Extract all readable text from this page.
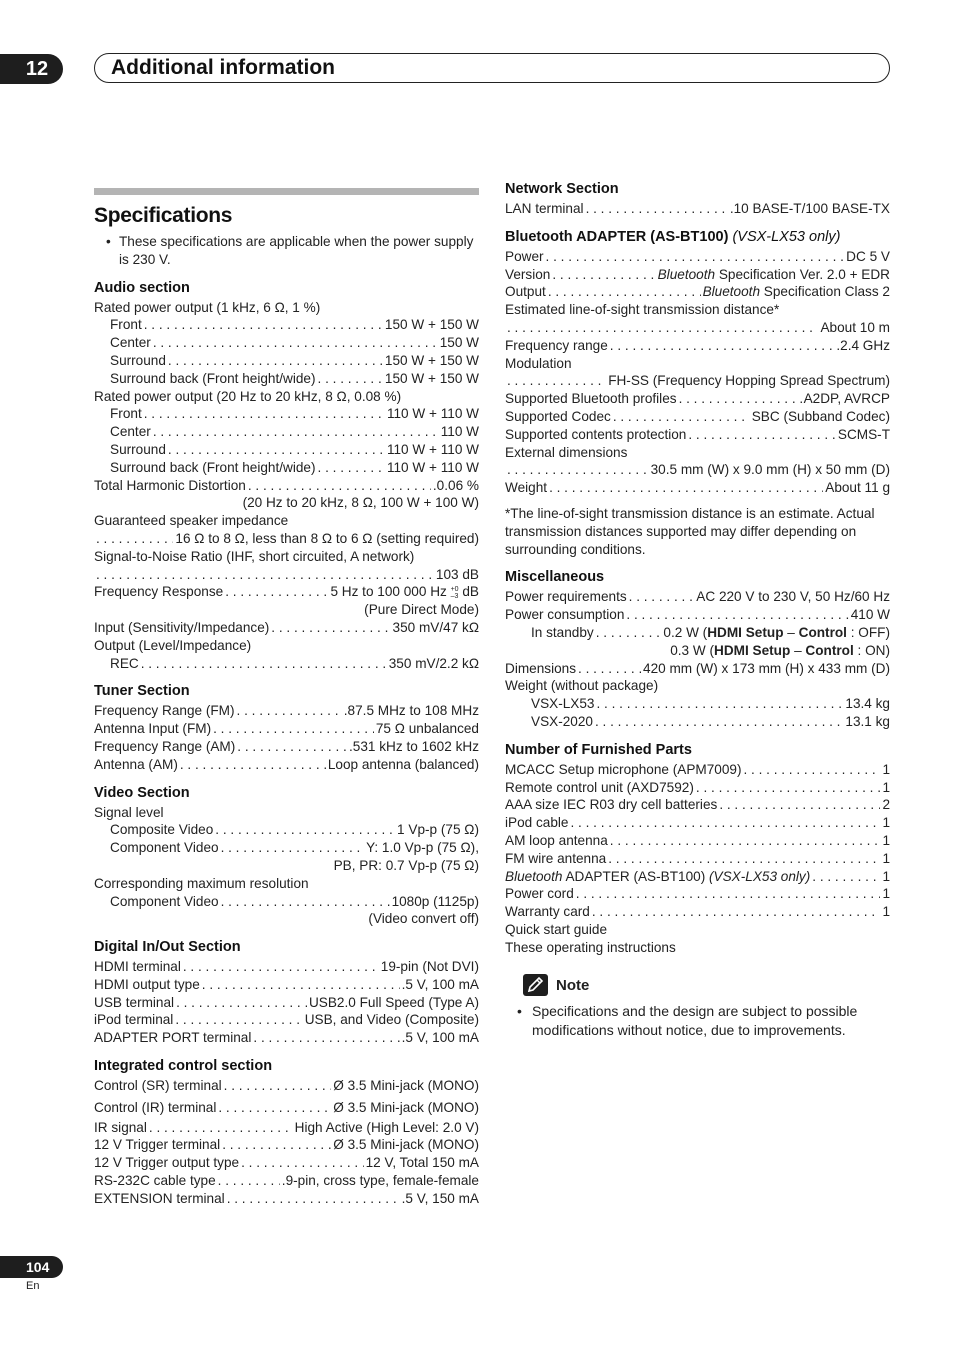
12	Additional information
Specifications
• These specifications are applicable when the power supply is 230 V.
Audio section
Rated power output (1 kHz, 6 Ω, 1 %)
Front . . .	150 W + 150 W
Center . . .	150 W
Surround . . .	150 W + 150 W
Surround back (Front height/wide) . . .	150 W + 150 W
Rated power output (20 Hz to 20 kHz, 8 Ω, 0.08 %)
Front . . .	110 W + 110 W
Center . . .	110 W
Surround . . .	110 W + 110 W
Surround back (Front height/wide) . . .	110 W + 110 W
Total Harmonic Distortion . . .	.0.06 %
(20 Hz to 20 kHz, 8 Ω, 100 W + 100 W)
Guaranteed speaker impedance
. . .
16 Ω to 8 Ω, less than 8 Ω to 6 Ω (setting required)
Signal-to-Noise Ratio (IHF, short circuited, A network)
. . .
103 dB
Frequency Response . . .	5 Hz to 100 000 Hz +0
–3 dB
(Pure Direct Mode)
Input (Sensitivity/Impedance) . . .	350 mV/47 kΩ
Output (Level/Impedance)
REC . . .	350 mV/2.2 kΩ
Tuner Section
Frequency Range (FM) . . .	.87.5 MHz to 108 MHz
Antenna Input (FM) . . .	75 Ω unbalanced
Frequency Range (AM) . . .	.531 kHz to 1602 kHz
Antenna (AM) . . .	Loop antenna (balanced)
Video Section
Signal level
Composite Video . . .	1 Vp-p (75 Ω)
Component Video . . .	Y: 1.0 Vp-p (75 Ω),
PB, PR: 0.7 Vp-p (75 Ω)
Corresponding maximum resolution
Component Video . . .	1080p (1125p)
(Video convert off)
Digital In/Out Section
HDMI terminal . . .	19-pin (Not DVI)
HDMI output type . . .	.5 V, 100 mA
USB terminal . . .	USB2.0 Full Speed (Type A)
iPod terminal . . .	USB, and Video (Composite)
ADAPTER PORT terminal . . .	.5 V, 100 mA
Integrated control section
Control (SR) terminal . . .	Ø 3.5 Mini-jack (MONO)
Control (IR) terminal . . .	Ø 3.5 Mini-jack (MONO)
IR signal . . .	High Active (High Level: 2.0 V)
12 V Trigger terminal . . .	Ø 3.5 Mini-jack (MONO)
12 V Trigger output type . . .	12 V, Total 150 mA
RS-232C cable type . . .	.9-pin, cross type, female-female
EXTENSION terminal . . .	.5 V, 150 mA
Network Section
LAN terminal . . .	.10 BASE-T/100 BASE-TX
Bluetooth ADAPTER (AS-BT100) (VSX-LX53 only)
Power . . .	DC 5 V
Version . . .	Bluetooth Specification Ver. 2.0 + EDR
Output . . .	Bluetooth Specification Class 2
Estimated line-of-sight transmission distance*
. . .
About 10 m
Frequency range . . .	.2.4 GHz
Modulation
. . .
FH-SS (Frequency Hopping Spread Spectrum)
Supported Bluetooth profiles . . .	A2DP, AVRCP
Supported Codec . . .	SBC (Subband Codec)
Supported contents protection . . .	SCMS-T
External dimensions
. . .
30.5 mm (W) x 9.0 mm (H) x 50 mm (D)
Weight . . .	About 11 g
*The line-of-sight transmission distance is an estimate. Actual transmission distances supported may differ depending on surrounding conditions.
Miscellaneous
Power requirements . . .	AC 220 V to 230 V, 50 Hz/60 Hz
Power consumption . . .	410 W
In standby . . .	0.2 W (HDMI Setup – Control : OFF)
0.3 W (HDMI Setup – Control : ON)
Dimensions . . .	420 mm (W) x 173 mm (H) x 433 mm (D)
Weight (without package)
VSX-LX53 . . .	13.4 kg
VSX-2020 . . .	13.1 kg
Number of Furnished Parts
MCACC Setup microphone (APM7009) . . .	1
Remote control unit (AXD7592) . . .	1
AAA size IEC R03 dry cell batteries . . .	2
iPod cable . . .	1
AM loop antenna . . .	1
FM wire antenna . . .	1
Bluetooth ADAPTER (AS-BT100) (VSX-LX53 only) . . .	1
Power cord . . .	1
Warranty card . . .	1
Quick start guide
These operating instructions
Note
• Specifications and the design are subject to possible modifications without notice, due to improvements.
104
En
